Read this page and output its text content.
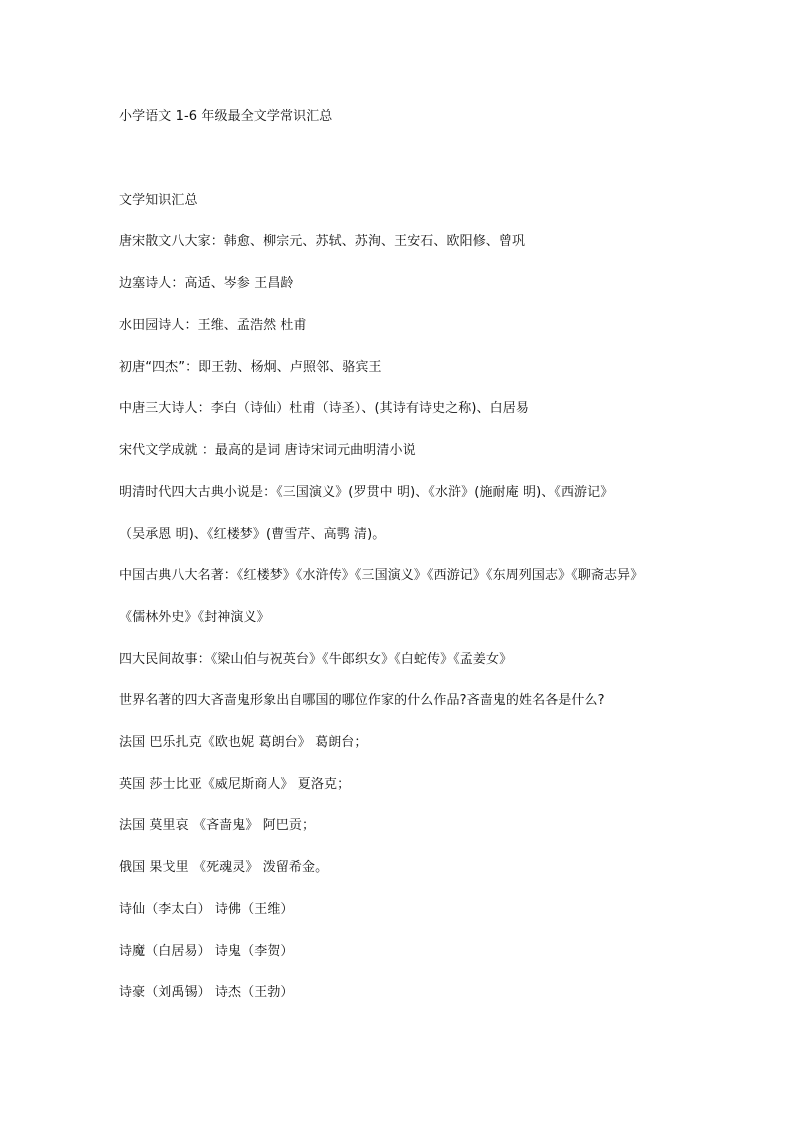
小学语文 1-6 年级最全文学常识汇总
文学知识汇总
唐宋散文八大家：韩愈、柳宗元、苏轼、苏洵、王安石、欧阳修、曾巩
边塞诗人：高适、岑参 王昌龄
水田园诗人：王维、孟浩然 杜甫
初唐“四杰”：即王勃、杨炯、卢照邻、骆宾王
中唐三大诗人：李白（诗仙）杜甫（诗圣）、(其诗有诗史之称)、白居易
宋代文学成就 ：最高的是词 唐诗宋词元曲明清小说
明清时代四大古典小说是：《三国演义》(罗贯中 明)、《水浒》(施耐庵 明)、《西游记》
（吴承恩 明)、《红楼梦》(曹雪芹、高鹗 清)。
中国古典八大名著：《红楼梦》《水浒传》《三国演义》《西游记》《东周列国志》《聊斋志异》
《儒林外史》《封神演义》
四大民间故事：《梁山伯与祝英台》《牛郎织女》《白蛇传》《孟姜女》
世界名著的四大吝啬鬼形象出自哪国的哪位作家的什么作品?吝啬鬼的姓名各是什么?
法国 巴乐扎克《欧也妮 葛朗台》 葛朗台；
英国 莎士比亚《威尼斯商人》 夏洛克；
法国 莫里哀 《吝啬鬼》 阿巴贡；
俄国 果戈里 《死魂灵》 泼留希金。
诗仙（李太白） 诗佛（王维）
诗魔（白居易） 诗鬼（李贺）
诗豪（刘禹锡） 诗杰（王勃）
